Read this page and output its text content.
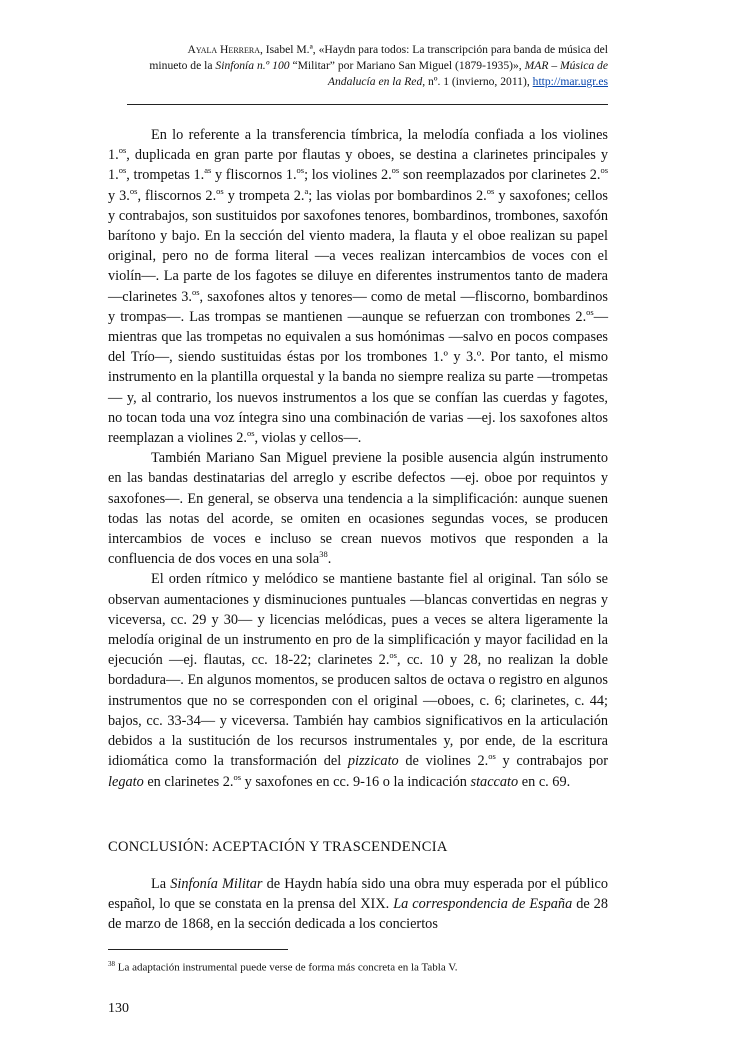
Ayala Herrera, Isabel M.ª, «Haydn para todos: La transcripción para banda de música del
minueto de la Sinfonía n.º 100 “Militar” por Mariano San Miguel (1879-1935)», MAR – Música de
Andalucía en la Red, nº. 1 (invierno, 2011), http://mar.ugr.es

En lo referente a la transferencia tímbrica, la melodía confiada a los violines 1.$^{os}$, duplicada en gran parte por flautas y oboes, se destina a clarinetes principales y 1.$^{os}$, trompetas 1.$^{as}$ y fliscornos 1.$^{os}$; los violines 2.$^{os}$ son reemplazados por clarinetes 2.$^{os}$ y 3.$^{os}$, fliscornos 2.$^{os}$ y trompeta 2.$^a$; las violas por bombardinos 2.$^{os}$ y saxofones; cellos y contrabajos, son sustituidos por saxofones tenores, bombardinos, trombones, saxofón barítono y bajo. En la sección del viento madera, la flauta y el oboe realizan su papel original, pero no de forma literal —a veces realizan intercambios de voces con el violín—. La parte de los fagotes se diluye en diferentes instrumentos tanto de madera —clarinetes 3.$^{os}$, saxofones altos y tenores— como de metal —fliscorno, bombardinos y trompas—. Las trompas se mantienen —aunque se refuerzan con trombones 2.$^{os}$— mientras que las trompetas no equivalen a sus homónimas —salvo en pocos compases del Trío—, siendo sustituidas éstas por los trombones 1.º y 3.º. Por tanto, el mismo instrumento en la plantilla orquestal y la banda no siempre realiza su parte —trompetas— y, al contrario, los nuevos instrumentos a los que se confían las cuerdas y fagotes, no tocan toda una voz íntegra sino una combinación de varias —ej. los saxofones altos reemplazan a violines 2.$^{os}$, violas y cellos—.

También Mariano San Miguel previene la posible ausencia algún instrumento en las bandas destinatarias del arreglo y escribe defectos —ej. oboe por requintos y saxofones—. En general, se observa una tendencia a la simplificación: aunque suenen todas las notas del acorde, se omiten en ocasiones segundas voces, se producen intercambios de voces e incluso se crean nuevos motivos que responden a la confluencia de dos voces en una sola$^{38}$.

El orden rítmico y melódico se mantiene bastante fiel al original. Tan sólo se observan aumentaciones y disminuciones puntuales —blancas convertidas en negras y viceversa, cc. 29 y 30— y licencias melódicas, pues a veces se altera ligeramente la melodía original de un instrumento en pro de la simplificación y mayor facilidad en la ejecución —ej. flautas, cc. 18-22; clarinetes 2.$^{os}$, cc. 10 y 28, no realizan la doble bordadura—. En algunos momentos, se producen saltos de octava o registro en algunos instrumentos que no se corresponden con el original —oboes, c. 6; clarinetes, c. 44; bajos, cc. 33-34— y viceversa. También hay cambios significativos en la articulación debidos a la sustitución de los recursos instrumentales y, por ende, de la escritura idiomática como la transformación del pizzicato de violines 2.$^{os}$ y contrabajos por legato en clarinetes 2.$^{os}$ y saxofones en cc. 9-16 o la indicación staccato en c. 69.

CONCLUSIÓN: ACEPTACIÓN Y TRASCENDENCIA

La Sinfonía Militar de Haydn había sido una obra muy esperada por el público español, lo que se constata en la prensa del XIX. La correspondencia de España de 28 de marzo de 1868, en la sección dedicada a los conciertos

$^{38}$ La adaptación instrumental puede verse de forma más concreta en la Tabla V.
130
